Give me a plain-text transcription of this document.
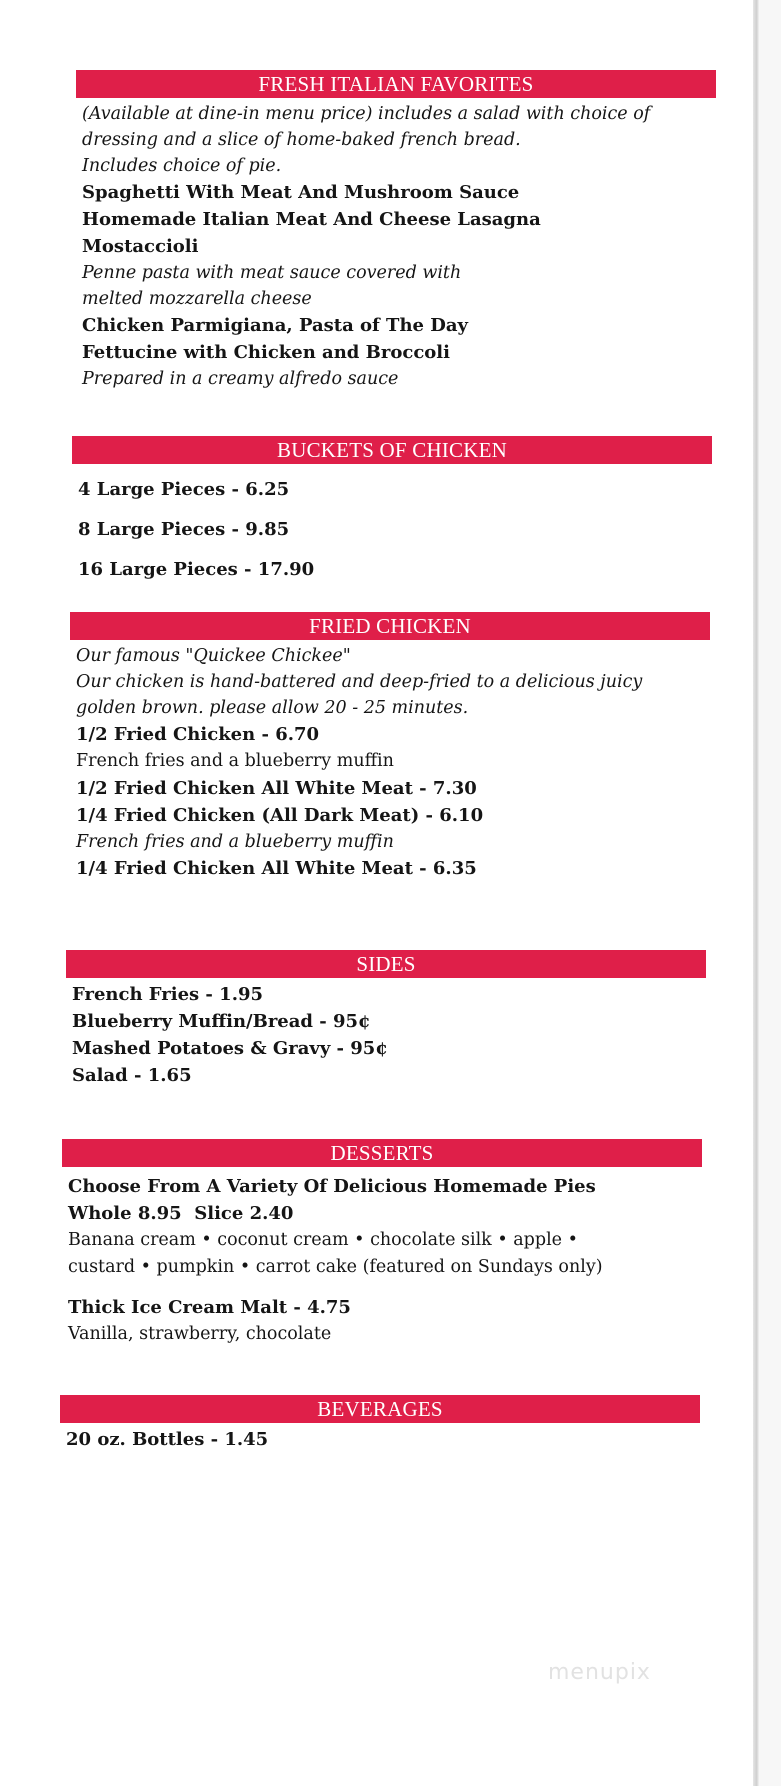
FRESH ITALIAN FAVORITES
(Available at dine-in menu price) includes a salad with choice of
dressing and a slice of home-baked french bread.
Includes choice of pie.
Spaghetti With Meat And Mushroom Sauce
Homemade Italian Meat And Cheese Lasagna
Mostaccioli
Penne pasta with meat sauce covered with
melted mozzarella cheese
Chicken Parmigiana, Pasta of The Day
Fettucine with Chicken and Broccoli
Prepared in a creamy alfredo sauce
BUCKETS OF CHICKEN
4 Large Pieces - 6.25
8 Large Pieces - 9.85
16 Large Pieces - 17.90
FRIED CHICKEN
Our famous "Quickee Chickee"
Our chicken is hand-battered and deep-fried to a delicious juicy
golden brown. please allow 20 - 25 minutes.
1/2 Fried Chicken - 6.70
French fries and a blueberry muffin
1/2 Fried Chicken All White Meat - 7.30
1/4 Fried Chicken (All Dark Meat) - 6.10
French fries and a blueberry muffin
1/4 Fried Chicken All White Meat - 6.35
SIDES
French Fries - 1.95
Blueberry Muffin/Bread - 95¢
Mashed Potatoes & Gravy - 95¢
Salad - 1.65
DESSERTS
Choose From A Variety Of Delicious Homemade Pies
Whole 8.95  Slice 2.40
Banana cream • coconut cream • chocolate silk • apple •
custard • pumpkin • carrot cake (featured on Sundays only)
Thick Ice Cream Malt - 4.75
Vanilla, strawberry, chocolate
BEVERAGES
20 oz. Bottles - 1.45
menupix
